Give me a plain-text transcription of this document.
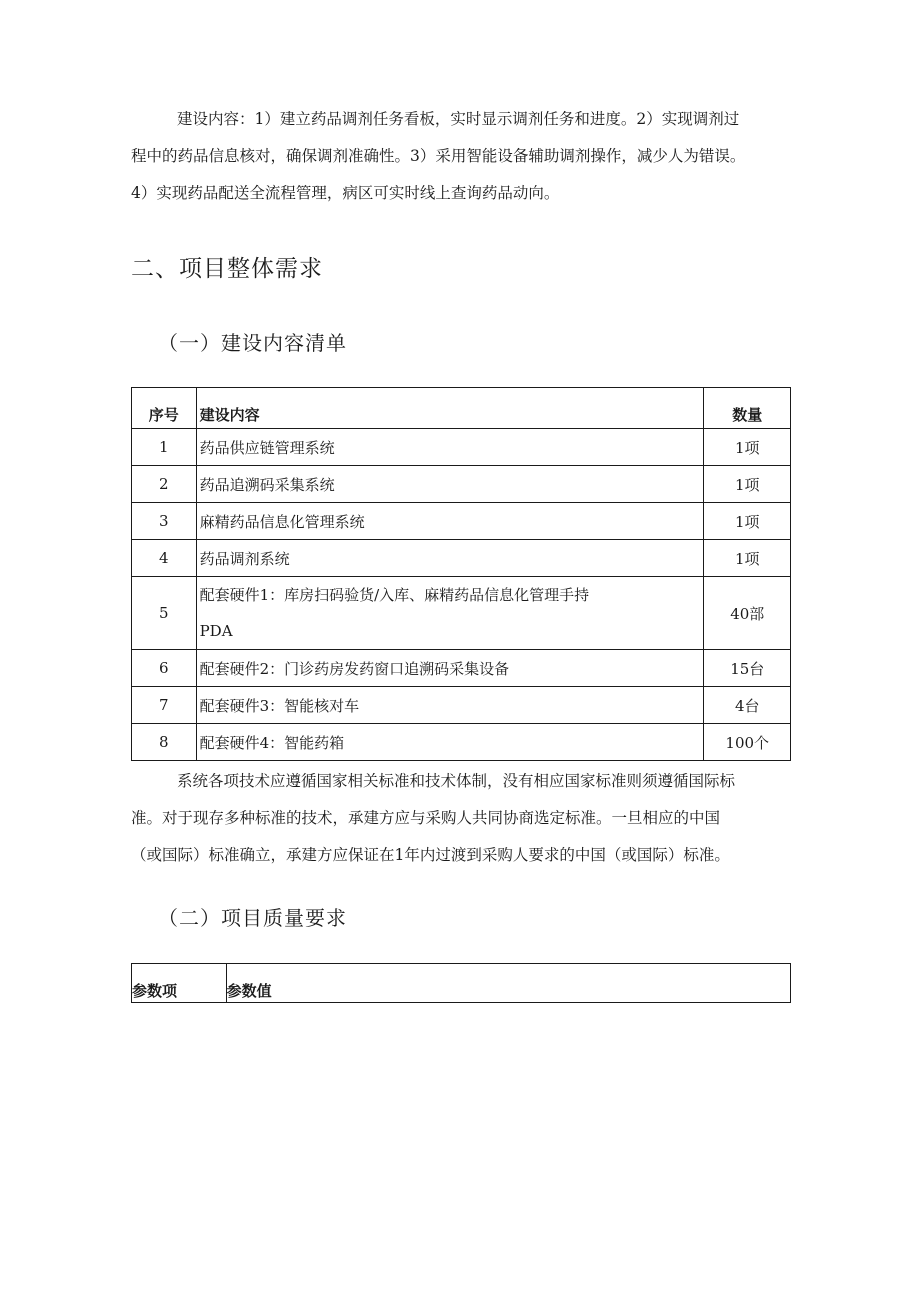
建设内容：1）建立药品调剂任务看板，实时显示调剂任务和进度。2）实现调剂过
程中的药品信息核对，确保调剂准确性。3）采用智能设备辅助调剂操作，减少人为错误。
4）实现药品配送全流程管理，病区可实时线上查询药品动向。
二、项目整体需求
（一）建设内容清单
序号	建设内容	数量
1	药品供应链管理系统	1项
2	药品追溯码采集系统	1项
3	麻精药品信息化管理系统	1项
4	药品调剂系统	1项
5	配套硬件1：库房扫码验货/入库、麻精药品信息化管理手持
PDA	40部
6	配套硬件2：门诊药房发药窗口追溯码采集设备	15台
7	配套硬件3：智能核对车	4台
8	配套硬件4：智能药箱	100个
系统各项技术应遵循国家相关标准和技术体制，没有相应国家标准则须遵循国际标
准。对于现存多种标准的技术，承建方应与采购人共同协商选定标准。一旦相应的中国
（或国际）标准确立，承建方应保证在1年内过渡到采购人要求的中国（或国际）标准。
（二）项目质量要求
参数项	参数值
